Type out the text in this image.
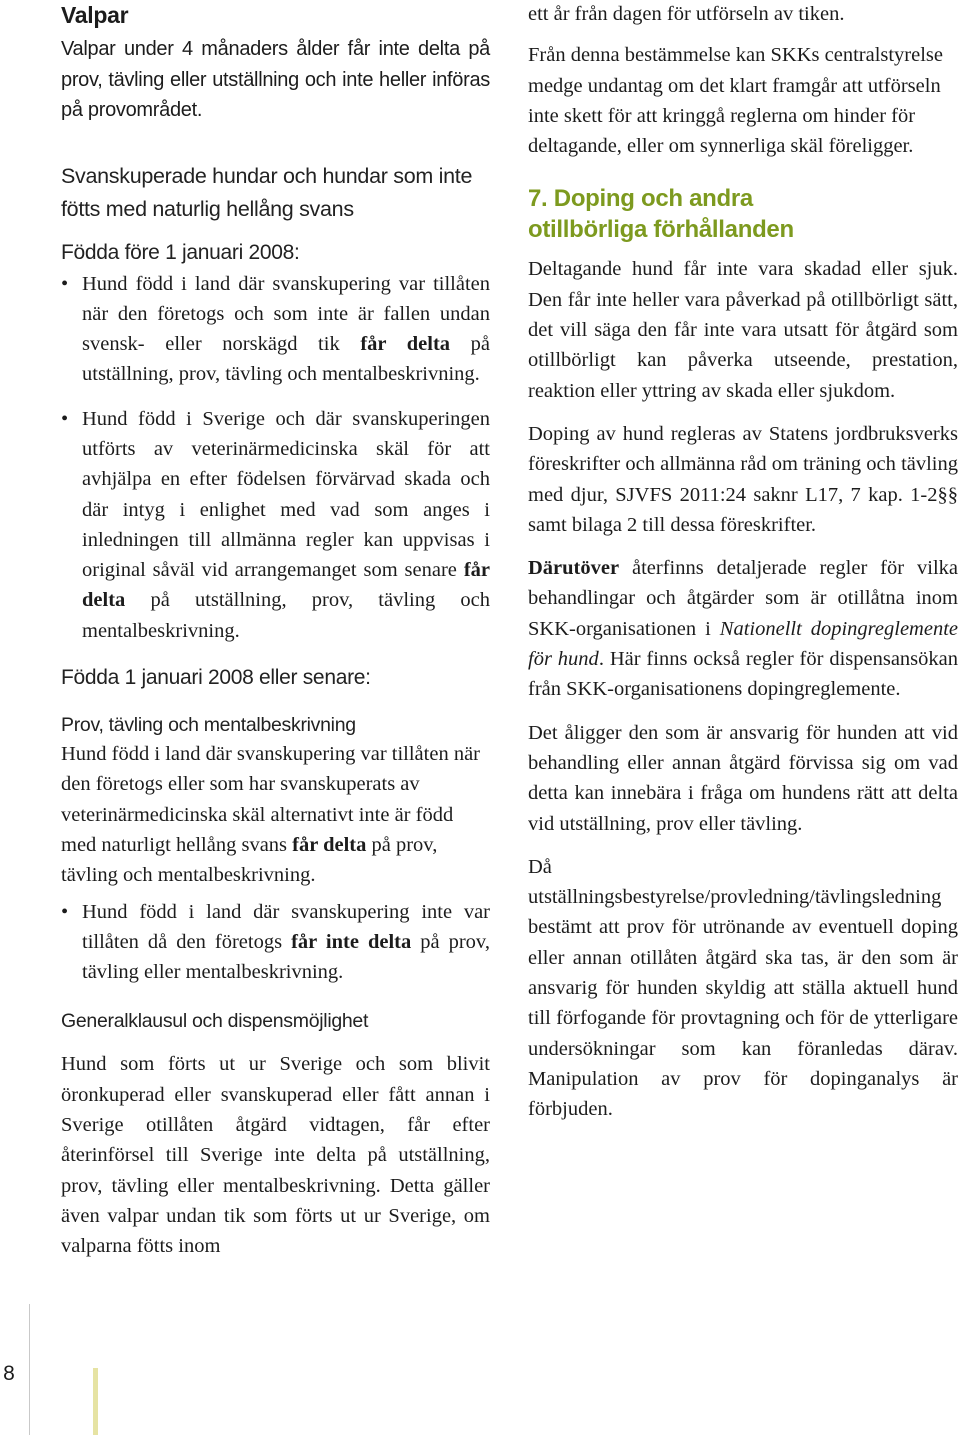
Valpar

Valpar under 4 månaders ålder får inte delta på prov, tävling eller utställning och inte heller införas på provområdet.

Svanskuperade hundar och hundar som inte
fötts med naturlig hellång svans
Födda före 1 januari 2008:
• Hund född i land där svanskupering var tillåten när den företogs och som inte är fallen undan svensk- eller norskägd tik får delta på utställning, prov, tävling och mentalbeskrivning.
• Hund född i Sverige och där svanskuperingen utförts av veterinärmedicinska skäl för att avhjälpa en efter födelsen förvärvad skada och där intyg i enlighet med vad som anges i inledningen till allmänna regler kan uppvisas i original såväl vid arrangemanget som senare får delta på utställning, prov, tävling och mentalbeskrivning.
Födda 1 januari 2008 eller senare:
Prov, tävling och mentalbeskrivning

Hund född i land där svanskupering var tillåten när den företogs eller som har svanskuperats av veterinärmedicinska skäl alternativt inte är född med naturligt hellång svans får delta på prov, tävling och mentalbeskrivning.

• Hund född i land där svanskupering inte var tillåten då den företogs får inte delta på prov, tävling eller mentalbeskrivning.
Generalklausul och dispensmöjlighet

Hund som förts ut ur Sverige och som blivit öronkuperad eller svanskuperad eller fått annan i Sverige otillåten åtgärd vidtagen, får efter återinförsel till Sverige inte delta på utställning, prov, tävling eller mentalbeskrivning. Detta gäller även valpar undan tik som förts ut ur Sverige, om valparna fötts inom

ett år från dagen för utförseln av tiken.

Från denna bestämmelse kan SKKs centralstyrelse medge undantag om det klart framgår att utförseln inte skett för att kringgå reglerna om hinder för deltagande, eller om synnerliga skäl föreligger.

7. Doping och andra
otillbörliga förhållanden

Deltagande hund får inte vara skadad eller sjuk. Den får inte heller vara påverkad på otillbörligt sätt, det vill säga den får inte vara utsatt för åtgärd som otillbörligt kan påverka utseende, prestation, reaktion eller yttring av skada eller sjukdom.

Doping av hund regleras av Statens jordbruksverks föreskrifter och allmänna råd om träning och tävling med djur, SJVFS 2011:24 saknr L17, 7 kap. 1-2§§ samt bilaga 2 till dessa föreskrifter.

Därutöver återfinns detaljerade regler för vilka behandlingar och åtgärder som är otillåtna inom SKK-organisationen i Nationellt dopingreglemente för hund. Här finns också regler för dispensansökan från SKK-organisationens dopingreglemente.

Det åligger den som är ansvarig för hunden att vid behandling eller annan åtgärd förvissa sig om vad detta kan innebära i fråga om hundens rätt att delta vid utställning, prov eller tävling.

Då utställningsbestyrelse/provledning/tävlingsledning bestämt att prov för utrönande av eventuell doping eller annan otillåten åtgärd ska tas, är den som är ansvarig för hunden skyldig att ställa aktuell hund till förfogande för provtagning och för de ytterligare undersökningar som kan föranledas därav. Manipulation av prov för dopinganalys är förbjuden.

8
